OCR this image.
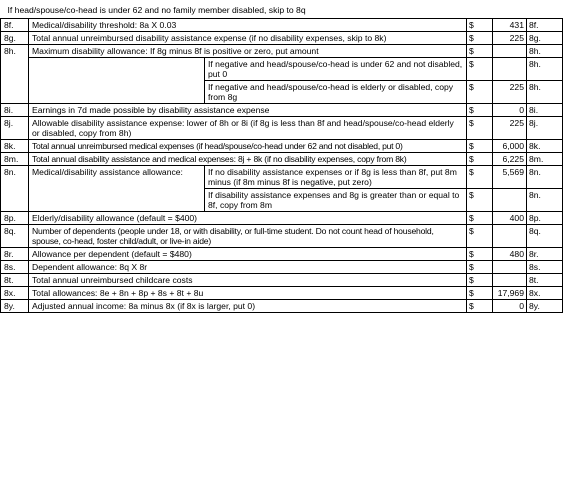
If head/spouse/co-head is under 62 and no family member disabled, skip to 8q					
8f.	Medical/disability threshold: 8a X 0.03		$	431	8f.
8g.	Total annual unreimbursed disability assistance expense (if no disability expenses, skip to 8k)		$	225	8g.
8h.	Maximum disability allowance: If 8g minus 8f is positive or zero, put amount		$		8h.
		If negative and head/spouse/co-head is under 62 and not disabled, put 0	$		8h.
		If negative and head/spouse/co-head is elderly or disabled, copy from 8g	$	225	8h.
8i.	Earnings in 7d made possible by disability assistance expense		$	0	8i.
8j.	Allowable disability assistance expense: lower of 8h or 8i (if 8g is less than 8f and head/spouse/co-head elderly or disabled, copy from 8h)		$	225	8j.
8k.	Total annual unreimbursed medical expenses (if head/spouse/co-head under 62 and not disabled, put 0)		$	6,000	8k.
8m.	Total annual disability assistance and medical expenses: 8j + 8k (if no disability expenses, copy from 8k)		$	6,225	8m.
8n.	Medical/disability assistance allowance:	If no disability assistance expenses or if 8g is less than 8f, put 8m minus (if 8m minus 8f is negative, put zero)	$	5,569	8n.
		If disability assistance expenses and 8g is greater than or equal to 8f, copy from 8m	$		8n.
8p.	Elderly/disability allowance (default = $400)		$	400	8p.
8q.	Number of dependents (people under 18, or with disability, or full-time student. Do not count head of household, spouse, co-head, foster child/adult, or live-in aide)		$		8q.
8r.	Allowance per dependent (default = $480)		$	480	8r.
8s.	Dependent allowance: 8q X 8r		$		8s.
8t.	Total annual unreimbursed childcare costs		$		8t.
8x.	Total allowances: 8e + 8n + 8p + 8s + 8t + 8u		$	17,969	8x.
8y.	Adjusted annual income: 8a minus 8x (if 8x is larger, put 0)		$	0	8y.
